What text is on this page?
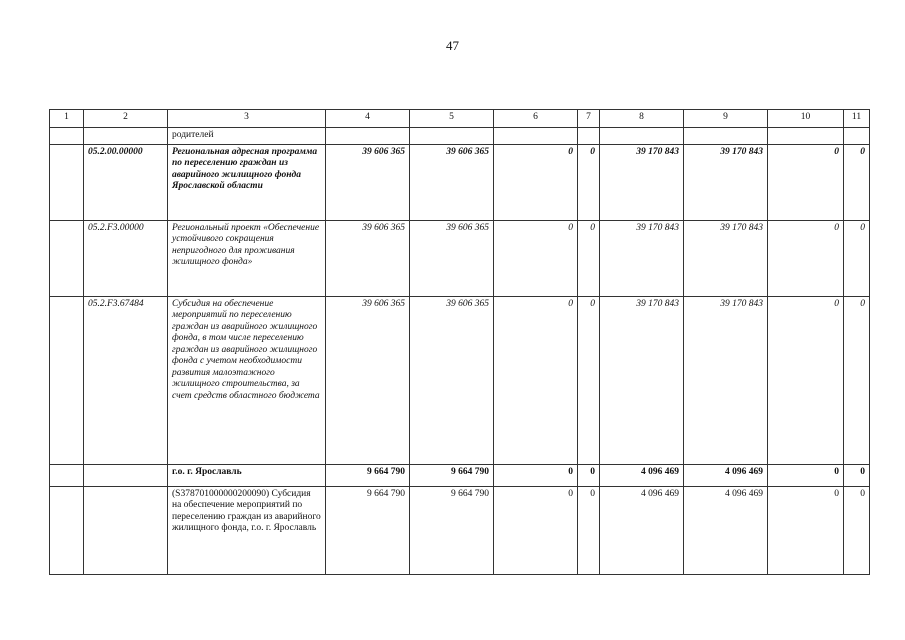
47
1	2	3	4	5	6	7	8	9	10	11
		родителей								
	05.2.00.00000	Региональная адресная программа по переселению граждан из аварийного жилищного фонда Ярославской области	39 606 365	39 606 365	0	0	39 170 843	39 170 843	0	0
	05.2.F3.00000	Региональный проект «Обеспечение устойчивого сокращения непригодного для проживания жилищного фонда»	39 606 365	39 606 365	0	0	39 170 843	39 170 843	0	0
	05.2.F3.67484	Субсидия на обеспечение мероприятий по переселению граждан из аварийного жилищного фонда, в том числе переселению граждан из аварийного жилищного фонда с учетом необходимости развития малоэтажного жилищного строительства, за счет средств областного бюджета	39 606 365	39 606 365	0	0	39 170 843	39 170 843	0	0
		г.о. г. Ярославль	9 664 790	9 664 790	0	0	4 096 469	4 096 469	0	0
		(S378701000000200090) Субсидия на обеспечение мероприятий по переселению граждан из аварийного жилищного фонда, г.о. г. Ярославль	9 664 790	9 664 790	0	0	4 096 469	4 096 469	0	0
